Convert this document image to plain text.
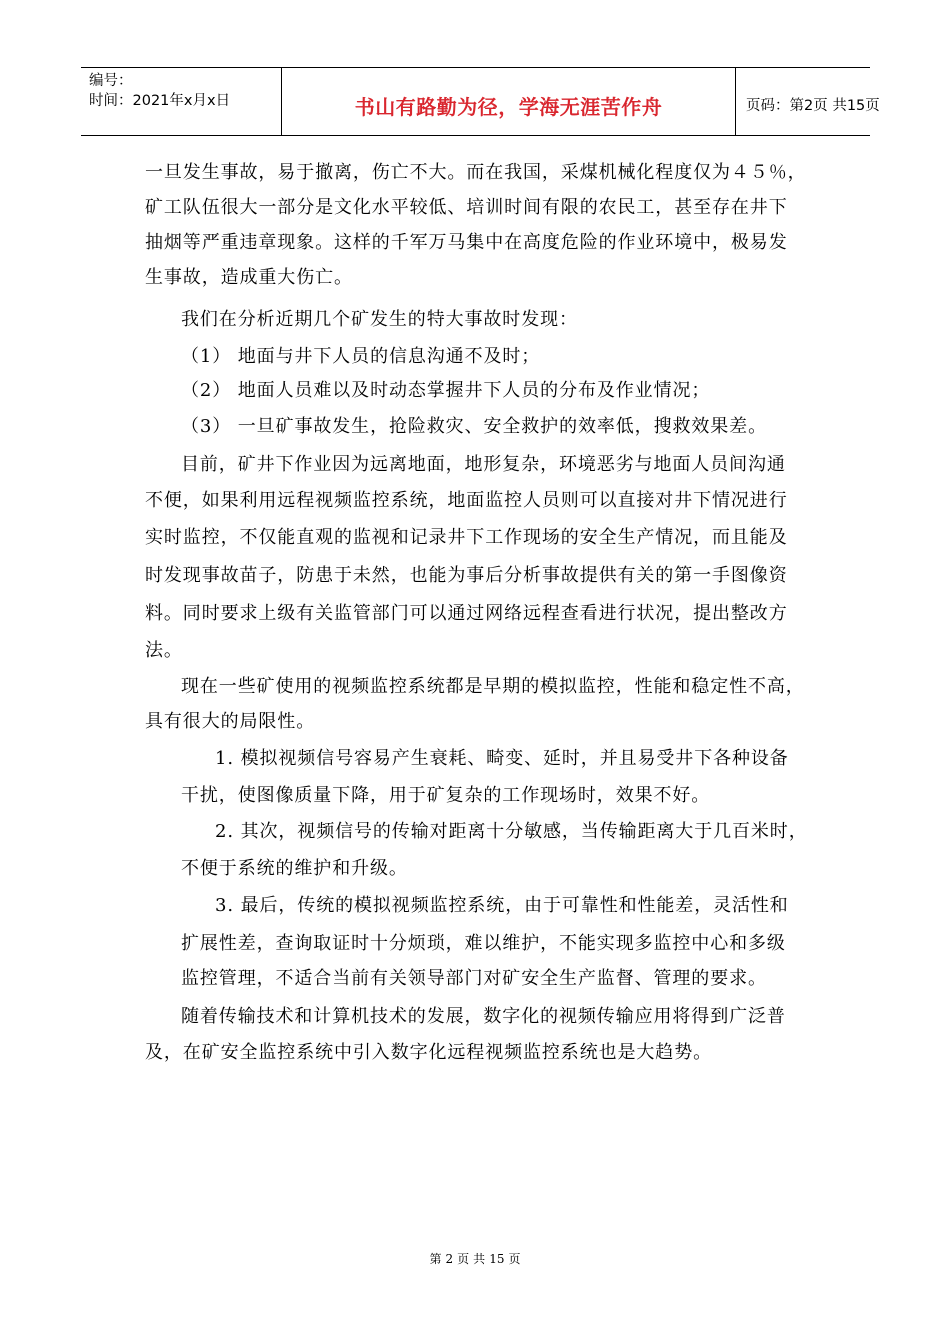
编号：
时间：2021年x月x日	书山有路勤为径，学海无涯苦作舟	页码：第2页 共15页
一旦发生事故，易于撤离，伤亡不大。而在我国，采煤机械化程度仅为４５％，
矿工队伍很大一部分是文化水平较低、培训时间有限的农民工，甚至存在井下
抽烟等严重违章现象。这样的千军万马集中在高度危险的作业环境中，极易发
生事故，造成重大伤亡。
我们在分析近期几个矿发生的特大事故时发现：
（1） 地面与井下人员的信息沟通不及时；
（2） 地面人员难以及时动态掌握井下人员的分布及作业情况；
（3） 一旦矿事故发生，抢险救灾、安全救护的效率低，搜救效果差。
目前，矿井下作业因为远离地面，地形复杂，环境恶劣与地面人员间沟通
不便，如果利用远程视频监控系统，地面监控人员则可以直接对井下情况进行
实时监控，不仅能直观的监视和记录井下工作现场的安全生产情况，而且能及
时发现事故苗子，防患于未然，也能为事后分析事故提供有关的第一手图像资
料。同时要求上级有关监管部门可以通过网络远程查看进行状况，提出整改方
法。
现在一些矿使用的视频监控系统都是早期的模拟监控，性能和稳定性不高，
具有很大的局限性。
1. 模拟视频信号容易产生衰耗、畸变、延时，并且易受井下各种设备
干扰，使图像质量下降，用于矿复杂的工作现场时，效果不好。
2. 其次，视频信号的传输对距离十分敏感，当传输距离大于几百米时，
不便于系统的维护和升级。
3. 最后，传统的模拟视频监控系统，由于可靠性和性能差，灵活性和
扩展性差，查询取证时十分烦琐，难以维护，不能实现多监控中心和多级
监控管理，不适合当前有关领导部门对矿安全生产监督、管理的要求。
随着传输技术和计算机技术的发展，数字化的视频传输应用将得到广泛普
及，在矿安全监控系统中引入数字化远程视频监控系统也是大趋势。
第 2 页 共 15 页
